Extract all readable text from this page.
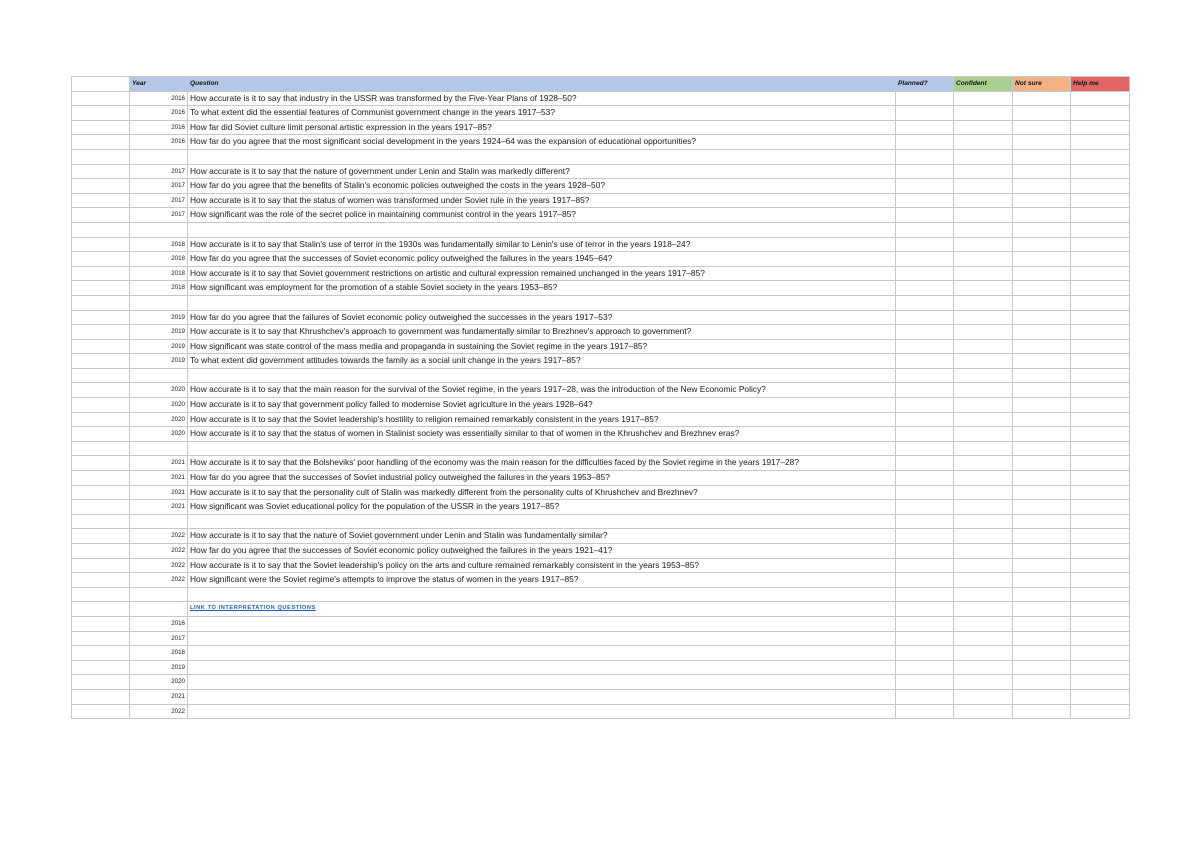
	Year	Question	Planned?	Confident	Not sure	Help me
	2016	How accurate is it to say that industry in the USSR was transformed by the Five-Year Plans of 1928–50?				
	2016	To what extent did the essential features of Communist government change in the years 1917–53?				
	2016	How far did Soviet culture limit personal artistic expression in the years 1917–85?				
	2016	How far do you agree that the most significant social development in the years 1924–64 was the expansion of educational opportunities?				

	2017	How accurate is it to say that the nature of government under Lenin and Stalin was markedly different?				
	2017	How far do you agree that the benefits of Stalin's economic policies outweighed the costs in the years 1928–50?				
	2017	How accurate is it to say that the status of women was transformed under Soviet rule in the years 1917–85?				
	2017	How significant was the role of the secret police in maintaining communist control in the years 1917–85?				

	2018	How accurate is it to say that Stalin's use of terror in the 1930s was fundamentally similar to Lenin's use of terror in the years 1918–24?				
	2018	How far do you agree that the successes of Soviet economic policy outweighed the failures in the years 1945–64?				
	2018	How accurate is it to say that Soviet government restrictions on artistic and cultural expression remained unchanged in the years 1917–85?				
	2018	How significant was employment for the promotion of a stable Soviet society in the years 1953–85?				

	2019	How far do you agree that the failures of Soviet economic policy outweighed the successes in the years 1917–53?				
	2019	How accurate is it to say that Khrushchev's approach to government was fundamentally similar to Brezhnev's approach to government?				
	2019	How significant was state control of the mass media and propaganda in sustaining the Soviet regime in the years 1917–85?				
	2019	To what extent did government attitudes towards the family as a social unit change in the years 1917–85?				

	2020	How accurate is it to say that the main reason for the survival of the Soviet regime, in the years 1917–28, was the introduction of the New Economic Policy?				
	2020	How accurate is it to say that government policy failed to modernise Soviet agriculture in the years 1928–64?				
	2020	How accurate is it to say that the Soviet leadership's hostility to religion remained remarkably consistent in the years 1917–85?				
	2020	How accurate is it to say that the status of women in Stalinist society was essentially similar to that of women in the Khrushchev and Brezhnev eras?				

	2021	How accurate is it to say that the Bolsheviks' poor handling of the economy was the main reason for the difficulties faced by the Soviet regime in the years 1917–28?				
	2021	How far do you agree that the successes of Soviet industrial policy outweighed the failures in the years 1953–85?				
	2021	How accurate is it to say that the personality cult of Stalin was markedly different from the personality cults of Khrushchev and Brezhnev?				
	2021	How significant was Soviet educational policy for the population of the USSR in the years 1917–85?				

	2022	How accurate is it to say that the nature of Soviet government under Lenin and Stalin was fundamentally similar?				
	2022	How far do you agree that the successes of Soviet economic policy outweighed the failures in the years 1921–41?				
	2022	How accurate is it to say that the Soviet leadership's policy on the arts and culture remained remarkably consistent in the years 1953–85?				
	2022	How significant were the Soviet regime's attempts to improve the status of women in the years 1917–85?				

		LINK TO INTERPRETATION QUESTIONS				
	2016					
	2017					
	2018					
	2019					
	2020					
	2021					
	2022					
